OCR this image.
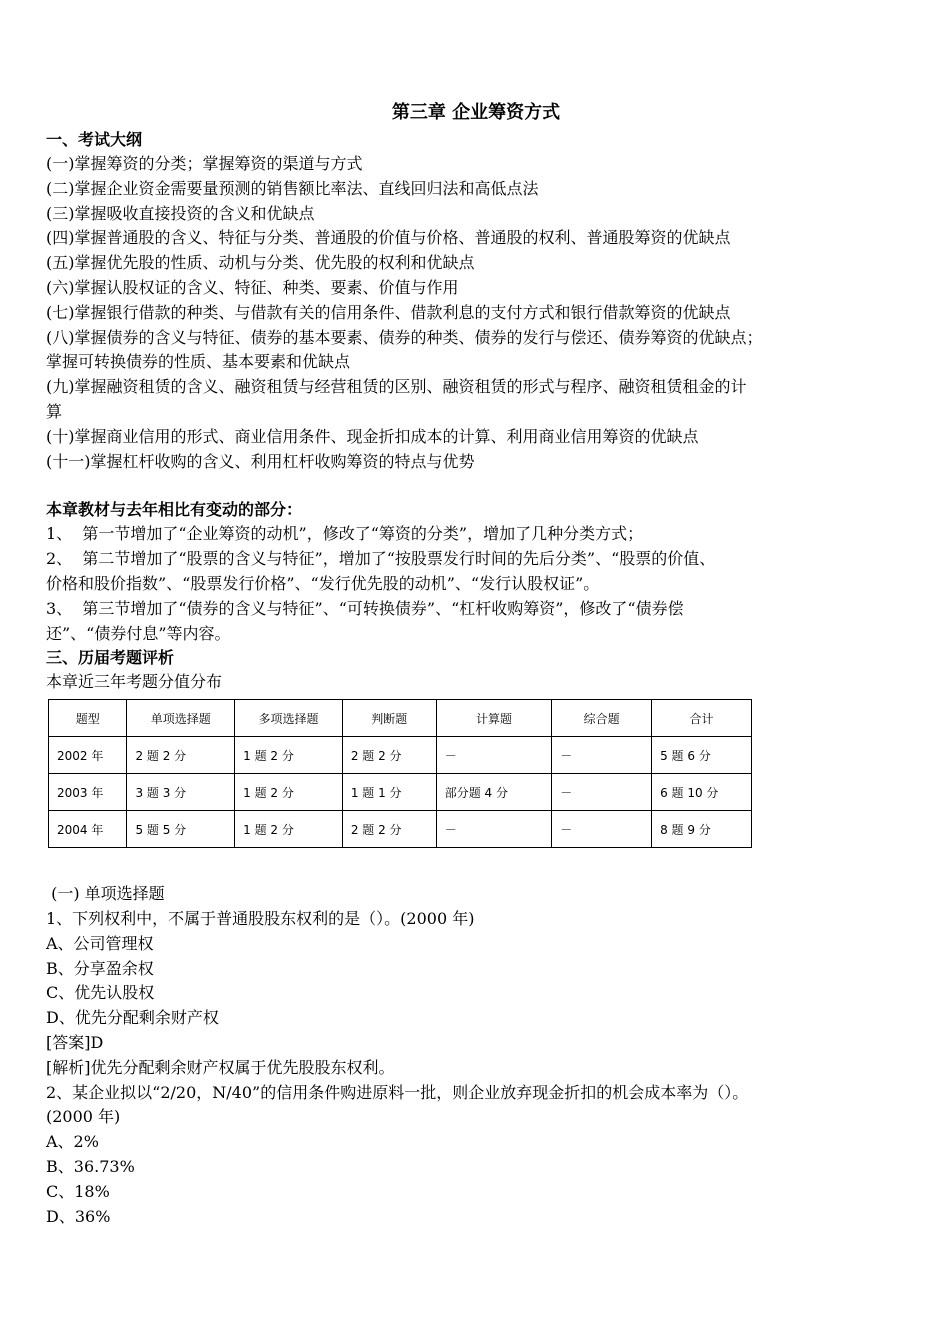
第三章 企业筹资方式
一、考试大纲
(一)掌握筹资的分类；掌握筹资的渠道与方式
(二)掌握企业资金需要量预测的销售额比率法、直线回归法和高低点法
(三)掌握吸收直接投资的含义和优缺点
(四)掌握普通股的含义、特征与分类、普通股的价值与价格、普通股的权利、普通股筹资的优缺点
(五)掌握优先股的性质、动机与分类、优先股的权利和优缺点
(六)掌握认股权证的含义、特征、种类、要素、价值与作用
(七)掌握银行借款的种类、与借款有关的信用条件、借款利息的支付方式和银行借款筹资的优缺点
(八)掌握债券的含义与特征、债券的基本要素、债券的种类、债券的发行与偿还、债券筹资的优缺点；
掌握可转换债券的性质、基本要素和优缺点
(九)掌握融资租赁的含义、融资租赁与经营租赁的区别、融资租赁的形式与程序、融资租赁租金的计
算
(十)掌握商业信用的形式、商业信用条件、现金折扣成本的计算、利用商业信用筹资的优缺点
(十一)掌握杠杆收购的含义、利用杠杆收购筹资的特点与优势
本章教材与去年相比有变动的部分：
1、  第一节增加了“企业筹资的动机”，修改了“筹资的分类”，增加了几种分类方式；
2、  第二节增加了“股票的含义与特征”，增加了“按股票发行时间的先后分类”、“股票的价值、
价格和股价指数”、“股票发行价格”、“发行优先股的动机”、“发行认股权证”。
3、  第三节增加了“债券的含义与特征”、“可转换债券”、“杠杆收购筹资”，修改了“债券偿
还”、“债券付息”等内容。
三、历届考题评析
本章近三年考题分值分布
题型	单项选择题	多项选择题	判断题	计算题	综合题	合计
2002 年	2 题 2 分	1 题 2 分	2 题 2 分	－	－	5 题 6 分
2003 年	3 题 3 分	1 题 2 分	1 题 1 分	部分题 4 分	－	6 题 10 分
2004 年	5 题 5 分	1 题 2 分	2 题 2 分	－	－	8 题 9 分
(一) 单项选择题
1、下列权利中，不属于普通股股东权利的是（）。(2000 年)
A、公司管理权
B、分享盈余权
C、优先认股权
D、优先分配剩余财产权
[答案]D
[解析]优先分配剩余财产权属于优先股股东权利。
2、某企业拟以“2/20，N/40”的信用条件购进原料一批，则企业放弃现金折扣的机会成本率为（）。
(2000 年)
A、2%
B、36.73%
C、18%
D、36%
